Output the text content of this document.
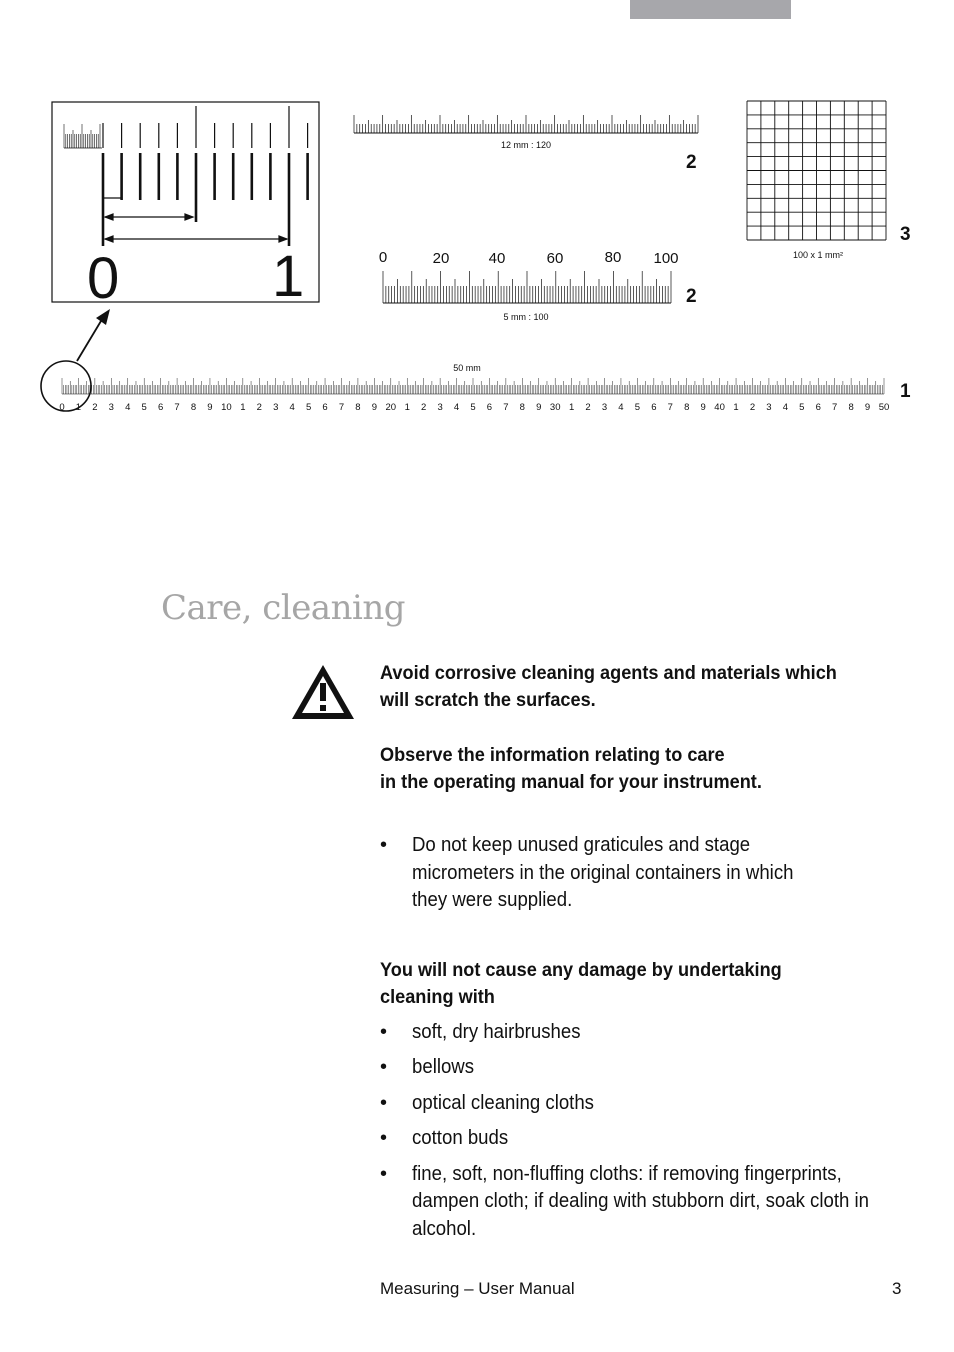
0	1
12 mm : 120
2
0	20	40	60	80 100
5 mm : 100
2
100 x 1 mm²
3
50 mm
0 1 2 3 4 5 6 7 8 9 10 1 2 3 4 5 6 7 8 9 20 1 2 3 4 5 6 7 8 9 30 1 2 3 4 5 6 7 8 9 40 1 2 3 4 5 6 7 8 9 50
1
Care, cleaning

Avoid corrosive cleaning agents and materials which will scratch the surfaces.

Observe the information relating to care

in the operating manual for your instrument.

• Do not keep unused graticules and stage micrometers in the original containers in which they were supplied.

You will not cause any damage by undertaking cleaning with

• soft, dry hairbrushes
• bellows
• optical cleaning cloths
• cotton buds
• fine, soft, non-fluffing cloths: if removing fingerprints, dampen cloth; if dealing with stubborn dirt, soak cloth in alcohol.
Measuring – User Manual	3
